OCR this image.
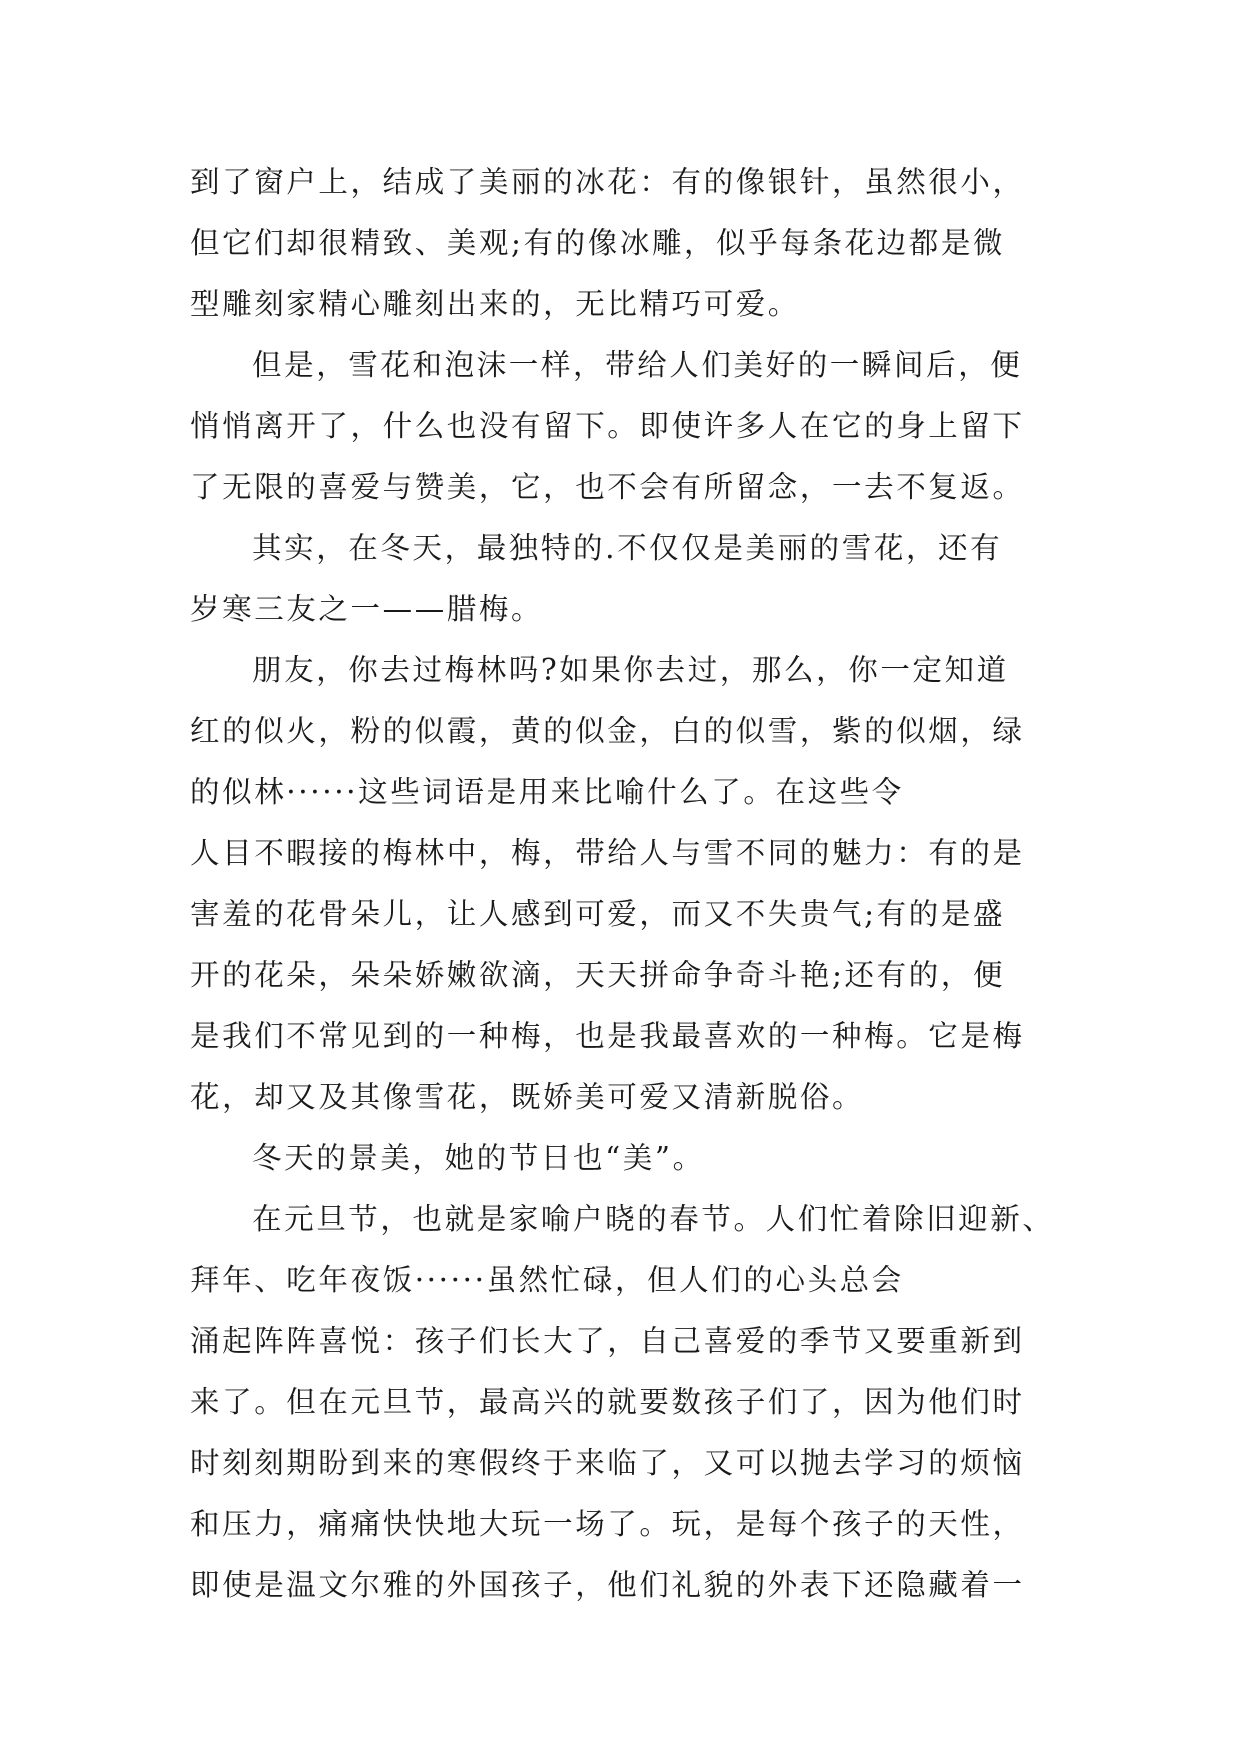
到了窗户上，结成了美丽的冰花：有的像银针，虽然很小，
但它们却很精致、美观;有的像冰雕，似乎每条花边都是微
型雕刻家精心雕刻出来的，无比精巧可爱。
但是，雪花和泡沫一样，带给人们美好的一瞬间后，便
悄悄离开了，什么也没有留下。即使许多人在它的身上留下
了无限的喜爱与赞美，它，也不会有所留念，一去不复返。
其实，在冬天，最独特的.不仅仅是美丽的雪花，还有
岁寒三友之一——腊梅。
朋友，你去过梅林吗?如果你去过，那么，你一定知道
红的似火，粉的似霞，黄的似金，白的似雪，紫的似烟，绿
的似林······这些词语是用来比喻什么了。在这些令
人目不暇接的梅林中，梅，带给人与雪不同的魅力：有的是
害羞的花骨朵儿，让人感到可爱，而又不失贵气;有的是盛
开的花朵，朵朵娇嫩欲滴，天天拼命争奇斗艳;还有的，便
是我们不常见到的一种梅，也是我最喜欢的一种梅。它是梅
花，却又及其像雪花，既娇美可爱又清新脱俗。
冬天的景美，她的节日也“美”。
在元旦节，也就是家喻户晓的春节。人们忙着除旧迎新、
拜年、吃年夜饭······虽然忙碌，但人们的心头总会
涌起阵阵喜悦：孩子们长大了，自己喜爱的季节又要重新到
来了。但在元旦节，最高兴的就要数孩子们了，因为他们时
时刻刻期盼到来的寒假终于来临了，又可以抛去学习的烦恼
和压力，痛痛快快地大玩一场了。玩，是每个孩子的天性，
即使是温文尔雅的外国孩子，他们礼貌的外表下还隐藏着一
